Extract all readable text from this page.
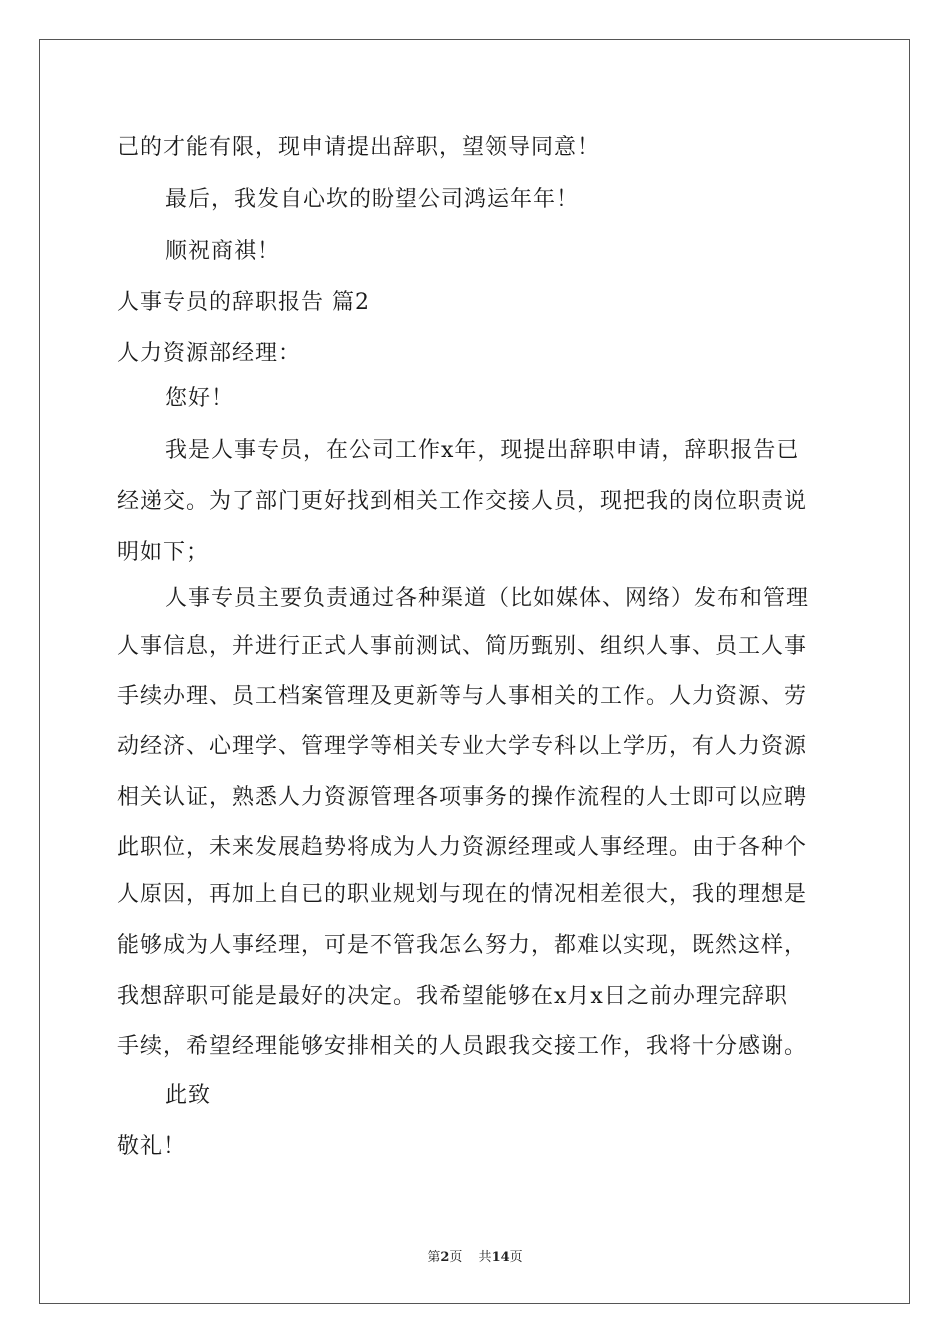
己的才能有限，现申请提出辞职，望领导同意！
最后，我发自心坎的盼望公司鸿运年年！
顺祝商祺！
人事专员的辞职报告 篇2
人力资源部经理：
您好！
我是人事专员，在公司工作x年，现提出辞职申请，辞职报告已
经递交。为了部门更好找到相关工作交接人员，现把我的岗位职责说
明如下；
人事专员主要负责通过各种渠道（比如媒体、网络）发布和管理
人事信息，并进行正式人事前测试、简历甄别、组织人事、员工人事
手续办理、员工档案管理及更新等与人事相关的工作。人力资源、劳
动经济、心理学、管理学等相关专业大学专科以上学历，有人力资源
相关认证，熟悉人力资源管理各项事务的操作流程的人士即可以应聘
此职位，未来发展趋势将成为人力资源经理或人事经理。由于各种个
人原因，再加上自已的职业规划与现在的情况相差很大，我的理想是
能够成为人事经理，可是不管我怎么努力，都难以实现，既然这样，
我想辞职可能是最好的决定。我希望能够在x月x日之前办理完辞职
手续，希望经理能够安排相关的人员跟我交接工作，我将十分感谢。
此致
敬礼！
第2页 共14页
